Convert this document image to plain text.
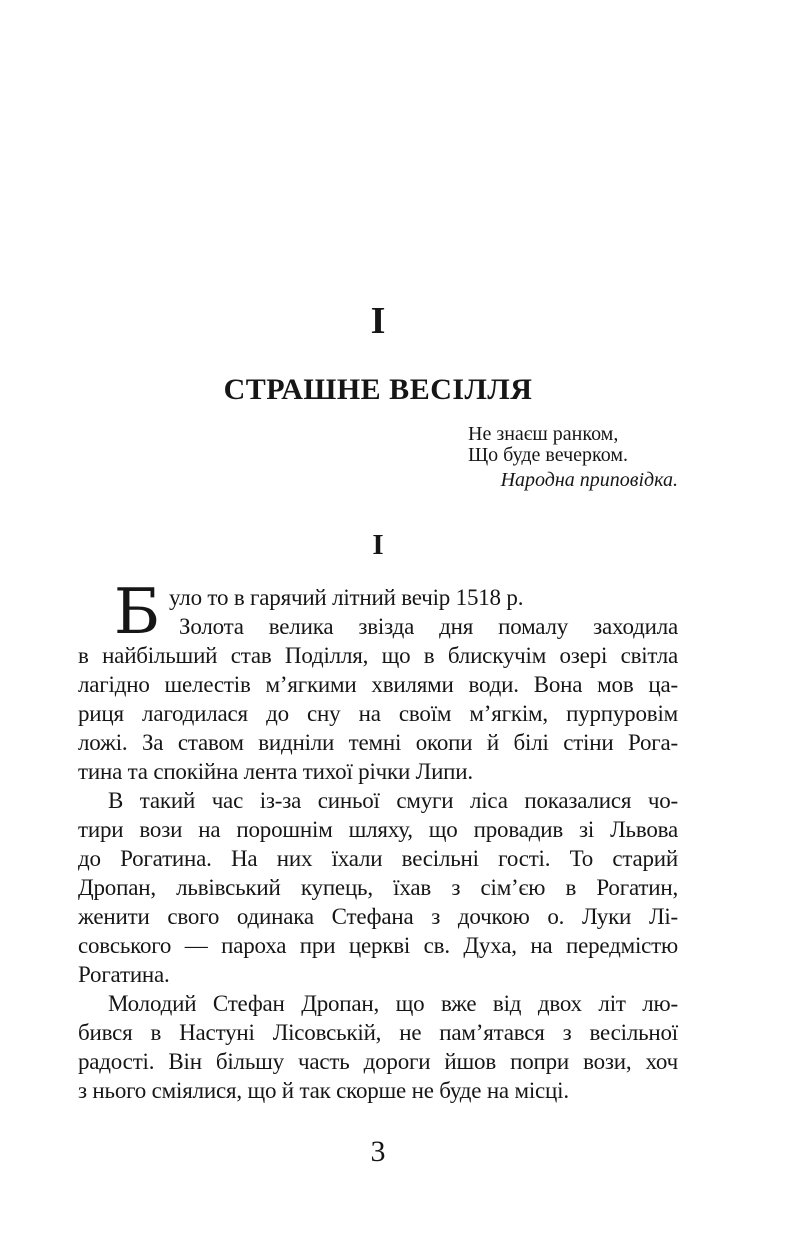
I
СТРАШНЕ ВЕСІЛЛЯ
Не знаєш ранком,
Що буде вечерком.
Народна приповідка.
I
Б уло то в гарячий літний вечір 1518 р.
Золота велика звізда дня помалу заходила
в найбільший став Поділля, що в блискучім озері світла
лагідно шелестів м’ягкими хвилями води. Вона мов ца-
риця лагодилася до сну на своїм м’ягкім, пурпуровім
ложі. За ставом видніли темні окопи й білі стіни Рога-
тина та спокійна лента тихої річки Липи.
В такий час із-за синьої смуги ліса показалися чо-
тири вози на порошнім шляху, що провадив зі Львова
до Рогатина. На них їхали весільні гості. То старий
Дропан, львівський купець, їхав з сім’єю в Рогатин,
женити свого одинака Стефана з дочкою о. Луки Лі-
совського — пароха при церкві св. Духа, на передмістю
Рогатина.
Молодий Стефан Дропан, що вже від двох літ лю-
бився в Настуні Лісовській, не пам’ятався з весільної
радості. Він більшу часть дороги йшов попри вози, хоч
з нього сміялися, що й так скорше не буде на місці.
3
